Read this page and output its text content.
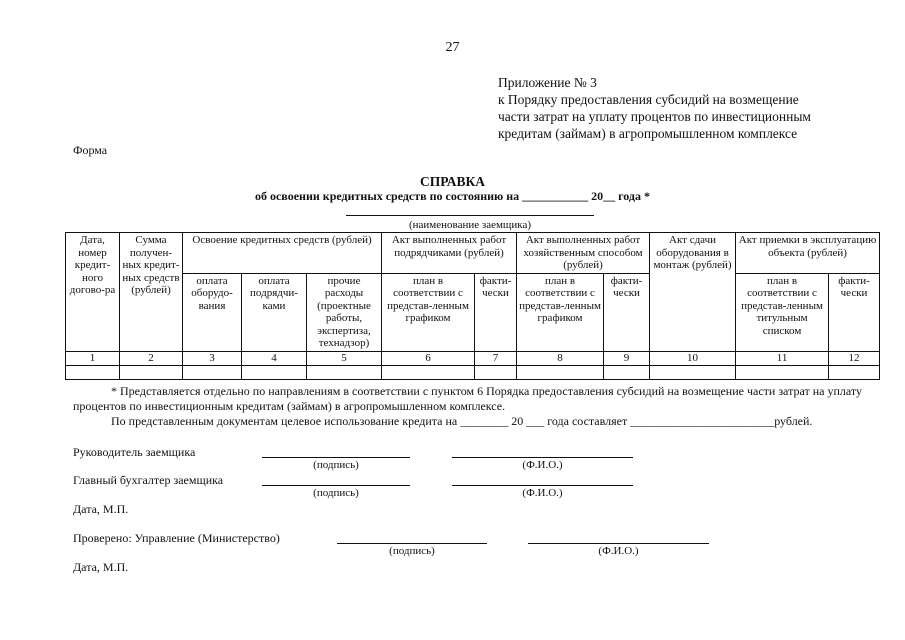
27
Приложение № 3
к Порядку предоставления субсидий на возмещение
части затрат на уплату процентов по инвестиционным
кредитам (займам) в агропромышленном комплексе
Форма
СПРАВКА
об освоении кредитных средств по состоянию на ___________ 20__ года *
(наименование заемщика)
Дата, номер кредит-ного догово-ра	Сумма получен-ных кредит-ных средств (рублей)	Освоение кредитных средств (рублей)			Акт выполненных работ подрядчиками (рублей)		Акт выполненных работ хозяйственным способом (рублей)		Акт сдачи оборудования в монтаж (рублей)	Акт приемки в эксплуатацию объекта (рублей)	
		оплата оборудо-вания	оплата подрядчи-ками	прочие расходы (проектные работы, экспертиза, технадзор)	план в соответствии с представ-ленным графиком	факти-чески	план в соответствии с представ-ленным графиком	факти-чески		план в соответствии с представ-ленным титульным списком	факти-чески
1	2	3	4	5	6	7	8	9	10	11	12

* Представляется отдельно по направлениям в соответствии с пунктом 6 Порядка предоставления субсидий на возмещение части затрат на уплату процентов по инвестиционным кредитам (займам) в агропромышленном комплексе.

По представленным документам целевое использование кредита на ________ 20 ___ года составляет ________________________рублей.

Руководитель заемщика
(подпись)	(Ф.И.О.)
Главный бухгалтер заемщика
(подпись)	(Ф.И.О.)
Дата, М.П.
Проверено: Управление (Министерство)
(подпись)	(Ф.И.О.)
Дата, М.П.
